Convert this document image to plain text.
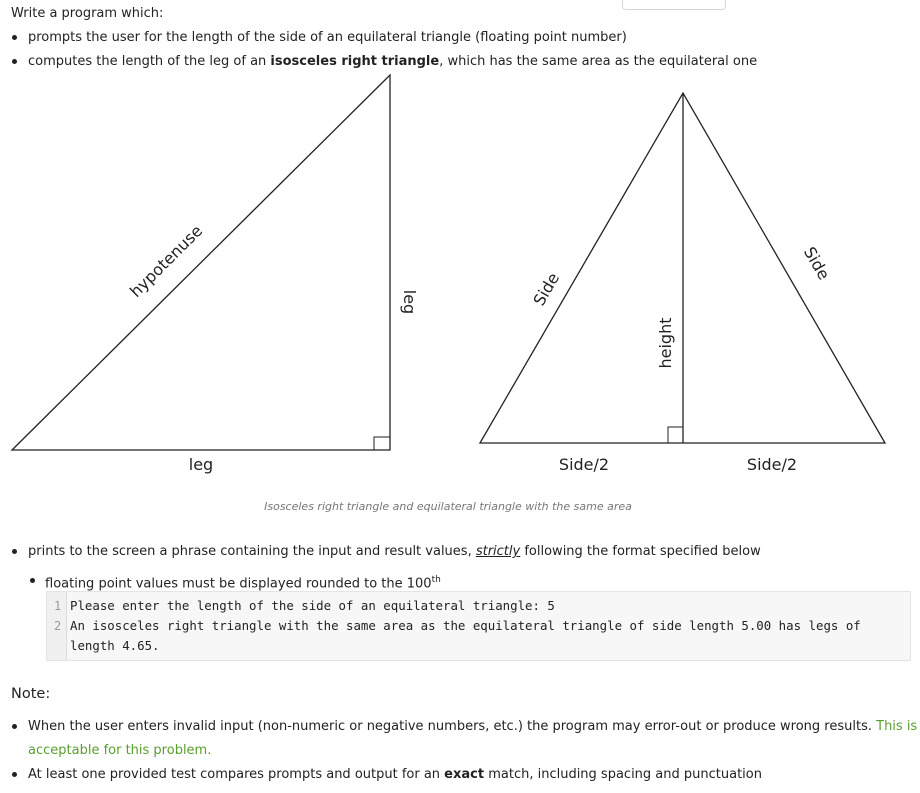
Write a program which:
prompts the user for the length of the side of an equilateral triangle (floating point number)
computes the length of the leg of an isosceles right triangle, which has the same area as the equilateral one
hypotenuse
leg
leg
Side
Side
height
Side/2	Side/2
Isosceles right triangle and equilateral triangle with the same area
prints to the screen a phrase containing the input and result values, strictly following the format specified below
floating point values must be displayed rounded to the 100th
1
2
Please enter the length of the side of an equilateral triangle: 5
An isosceles right triangle with the same area as the equilateral triangle of side length 5.00 has legs of
length 4.65.
Note:
When the user enters invalid input (non-numeric or negative numbers, etc.) the program may error-out or produce wrong results. This is
acceptable for this problem.
At least one provided test compares prompts and output for an exact match, including spacing and punctuation
